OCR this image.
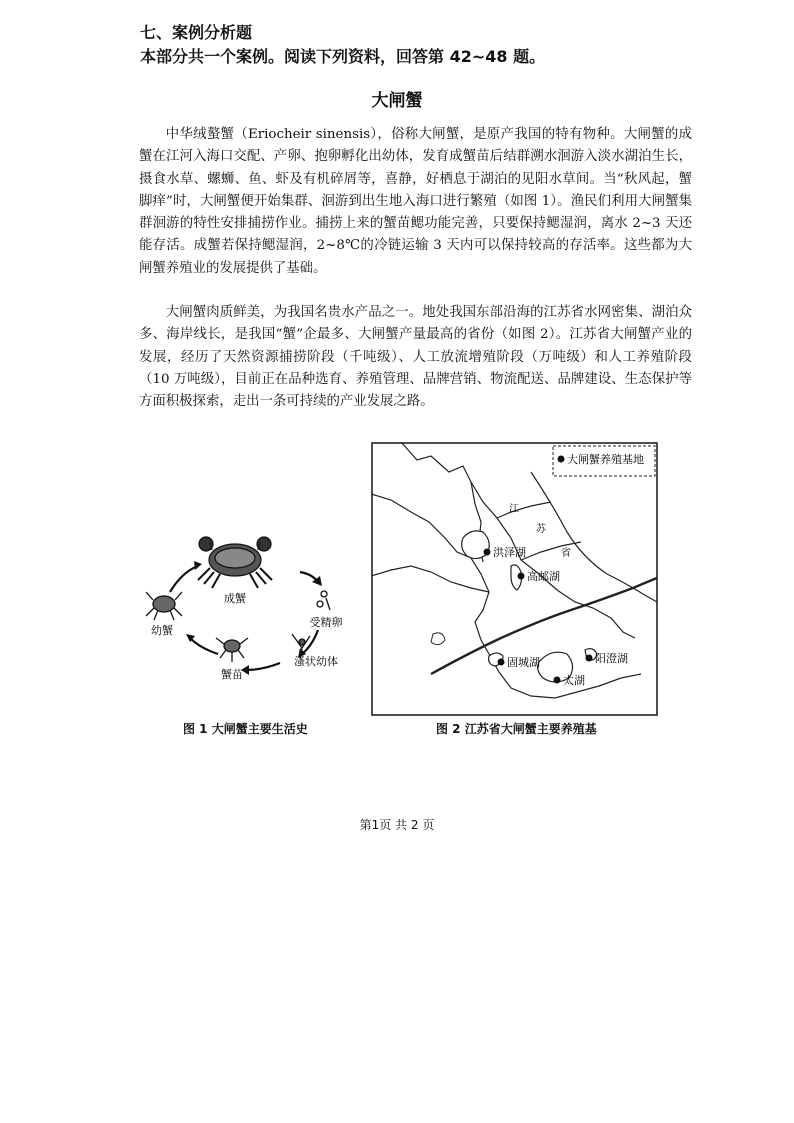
七、案例分析题
本部分共一个案例。阅读下列资料，回答第 42~48 题。
大闸蟹

中华绒螯蟹（Eriocheir sinensis），俗称大闸蟹，是原产我国的特有物种。大闸蟹的成蟹在江河入海口交配、产卵、抱卵孵化出幼体，发育成蟹苗后结群溯水洄游入淡水湖泊生长，摄食水草、螺蛳、鱼、虾及有机碎屑等，喜静，好栖息于湖泊的见阳水草间。当“秋风起，蟹脚痒”时，大闸蟹便开始集群、洄游到出生地入海口进行繁殖（如图 1）。渔民们利用大闸蟹集群洄游的特性安排捕捞作业。捕捞上来的蟹苗鳃功能完善，只要保持鳃湿润，离水 2~3 天还能存活。成蟹若保持鳃湿润，2~8℃的冷链运输 3 天内可以保持较高的存活率。这些都为大闸蟹养殖业的发展提供了基础。

大闸蟹肉质鲜美，为我国名贵水产品之一。地处我国东部沿海的江苏省水网密集、湖泊众多、海岸线长，是我国“蟹”企最多、大闸蟹产量最高的省份（如图 2）。江苏省大闸蟹产业的发展，经历了天然资源捕捞阶段（千吨级）、人工放流增殖阶段（万吨级）和人工养殖阶段（10 万吨级），目前正在品种选育、养殖管理、品牌营销、物流配送、品牌建设、生态保护等方面积极探索，走出一条可持续的产业发展之路。

成蟹
受精卵
溞状幼体
蟹苗
幼蟹
大闸蟹养殖基地
江
苏
省
洪泽湖
高邮湖
固城湖	阳澄湖
太湖
图 1 大闸蟹主要生活史	图 2 江苏省大闸蟹主要养殖基
第1页 共 2 页
